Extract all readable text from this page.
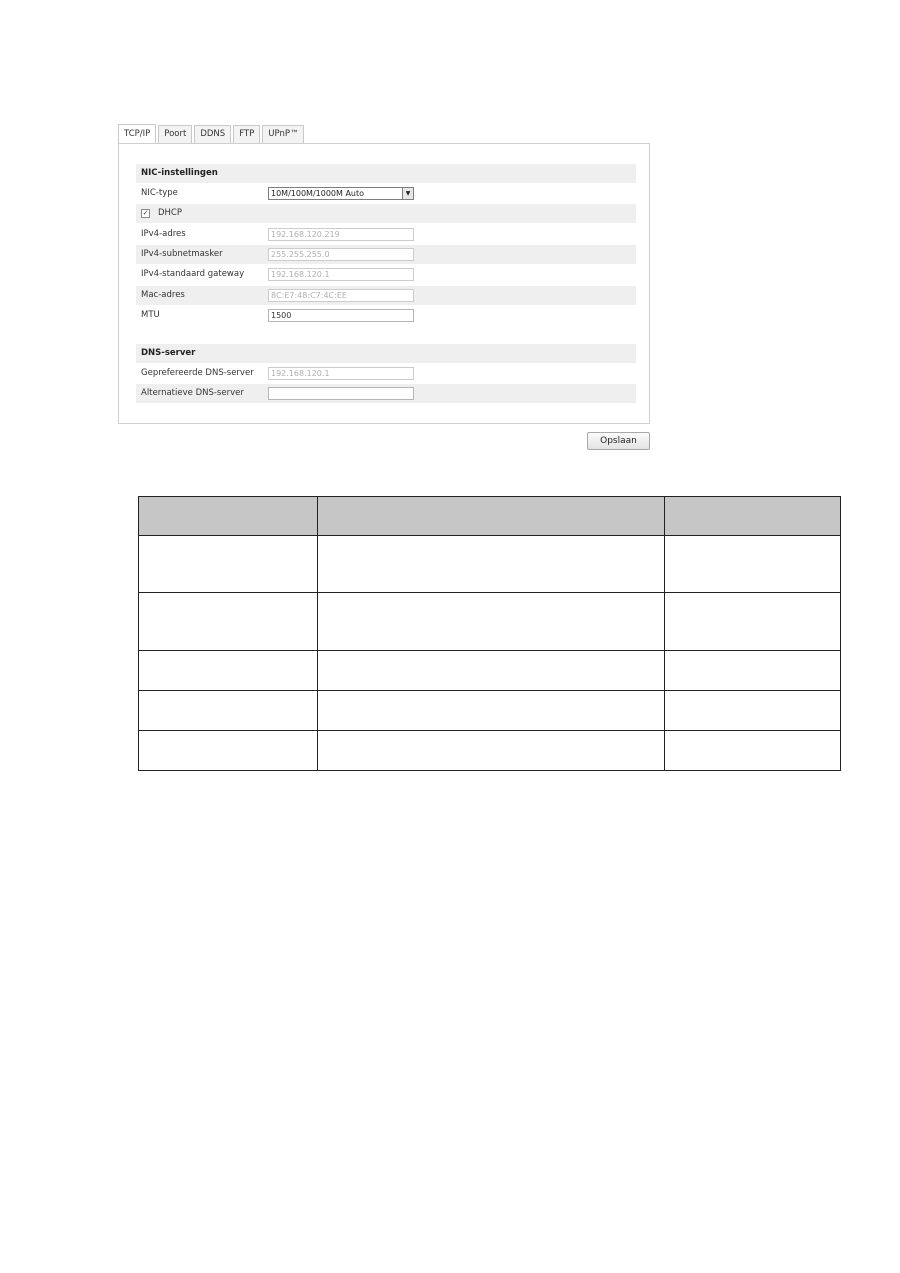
TCP/IP	Poort	DDNS	FTP	UPnP™
NIC-instellingen
NIC-type	10M/100M/1000M Auto	▼
✓ DHCP
IPv4-adres	192.168.120.219
IPv4-subnetmasker	255.255.255.0
IPv4-standaard gateway	192.168.120.1
Mac-adres	8C:E7:48:C7:4C:EE
MTU	1500
DNS-server
Geprefereerde DNS-server	192.168.120.1
Alternatieve DNS-server
Opslaan
